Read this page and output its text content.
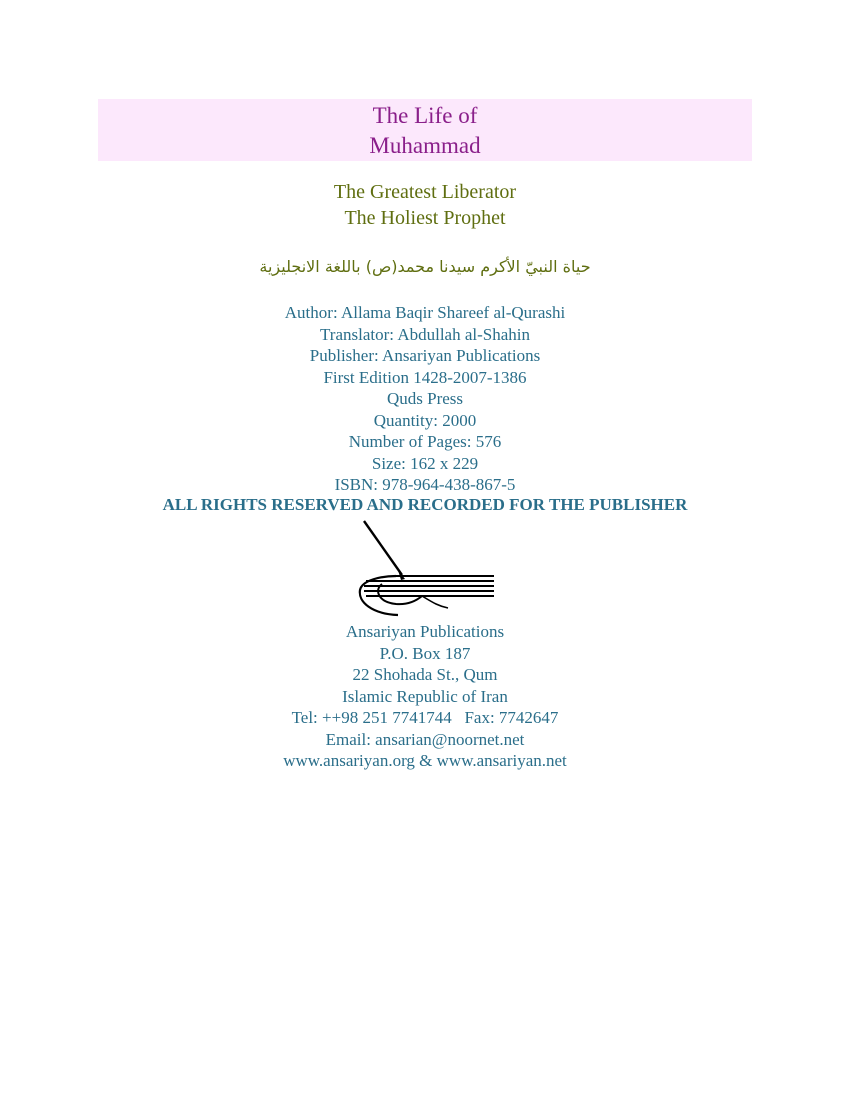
The Life of
Muhammad
The Greatest Liberator
The Holiest Prophet
حياة النبيّ الأكرم سيدنا محمد(ص) باللغة الانجليزية
Author: Allama Baqir Shareef al-Qurashi
Translator: Abdullah al-Shahin
Publisher: Ansariyan Publications
First Edition 1428-2007-1386
Quds Press
Quantity: 2000
Number of Pages: 576
Size: 162 x 229
ISBN: 978-964-438-867-5
ALL RIGHTS RESERVED AND RECORDED FOR THE PUBLISHER
Ansariyan Publications
P.O. Box 187
22 Shohada St., Qum
Islamic Republic of Iran
Tel: ++98 251 7741744   Fax: 7742647
Email: ansarian@noornet.net
www.ansariyan.org & www.ansariyan.net
